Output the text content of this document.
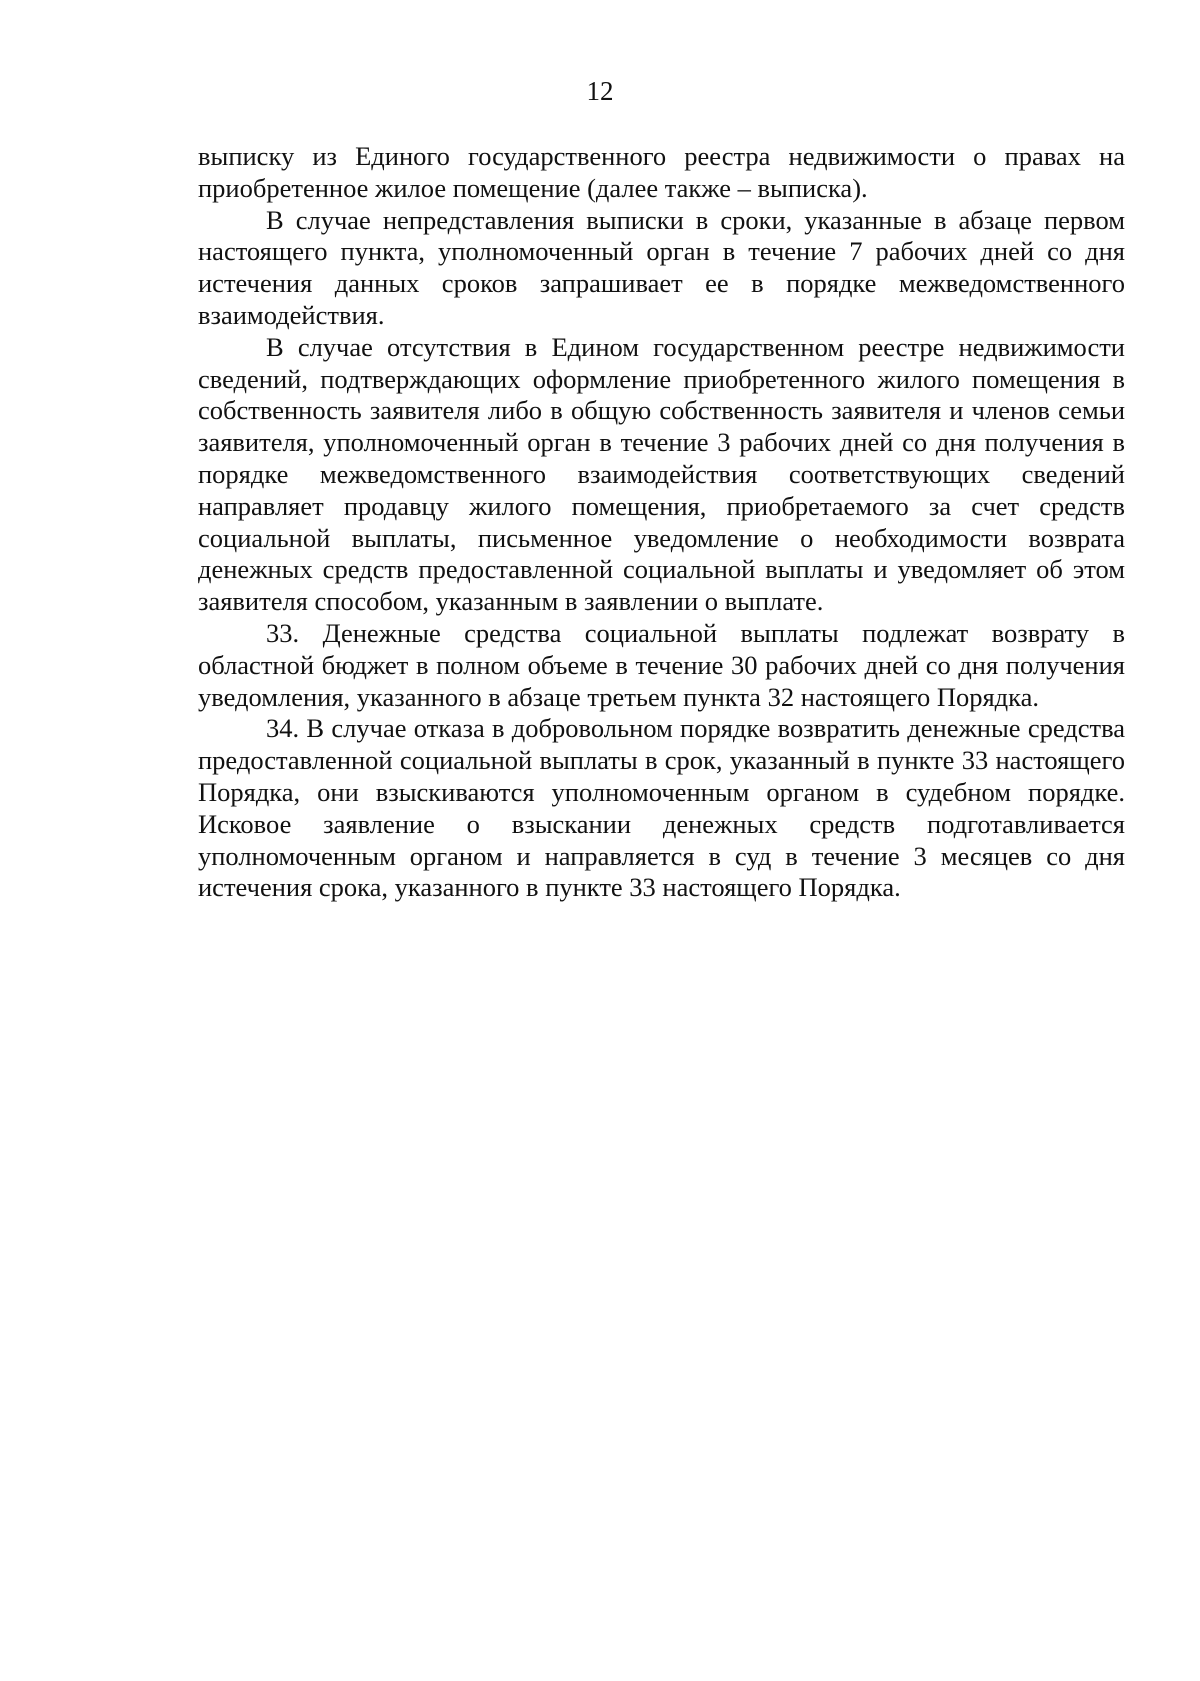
12

выписку из Единого государственного реестра недвижимости о правах на приобретенное жилое помещение (далее также – выписка).

В случае непредставления выписки в сроки, указанные в абзаце первом настоящего пункта, уполномоченный орган в течение 7 рабочих дней со дня истечения данных сроков запрашивает ее в порядке межведомственного взаимодействия.

В случае отсутствия в Едином государственном реестре недвижимости сведений, подтверждающих оформление приобретенного жилого помещения в собственность заявителя либо в общую собственность заявителя и членов семьи заявителя, уполномоченный орган в течение 3 рабочих дней со дня получения в порядке межведомственного взаимодействия соответствующих сведений направляет продавцу жилого помещения, приобретаемого за счет средств социальной выплаты, письменное уведомление о необходимости возврата денежных средств предоставленной социальной выплаты и уведомляет об этом заявителя способом, указанным в заявлении о выплате.

33. Денежные средства социальной выплаты подлежат возврату в областной бюджет в полном объеме в течение 30 рабочих дней со дня получения уведомления, указанного в абзаце третьем пункта 32 настоящего Порядка.

34. В случае отказа в добровольном порядке возвратить денежные средства предоставленной социальной выплаты в срок, указанный в пункте 33 настоящего Порядка, они взыскиваются уполномоченным органом в судебном порядке. Исковое заявление о взыскании денежных средств подготавливается уполномоченным органом и направляется в суд в течение 3 месяцев со дня истечения срока, указанного в пункте 33 настоящего Порядка.
